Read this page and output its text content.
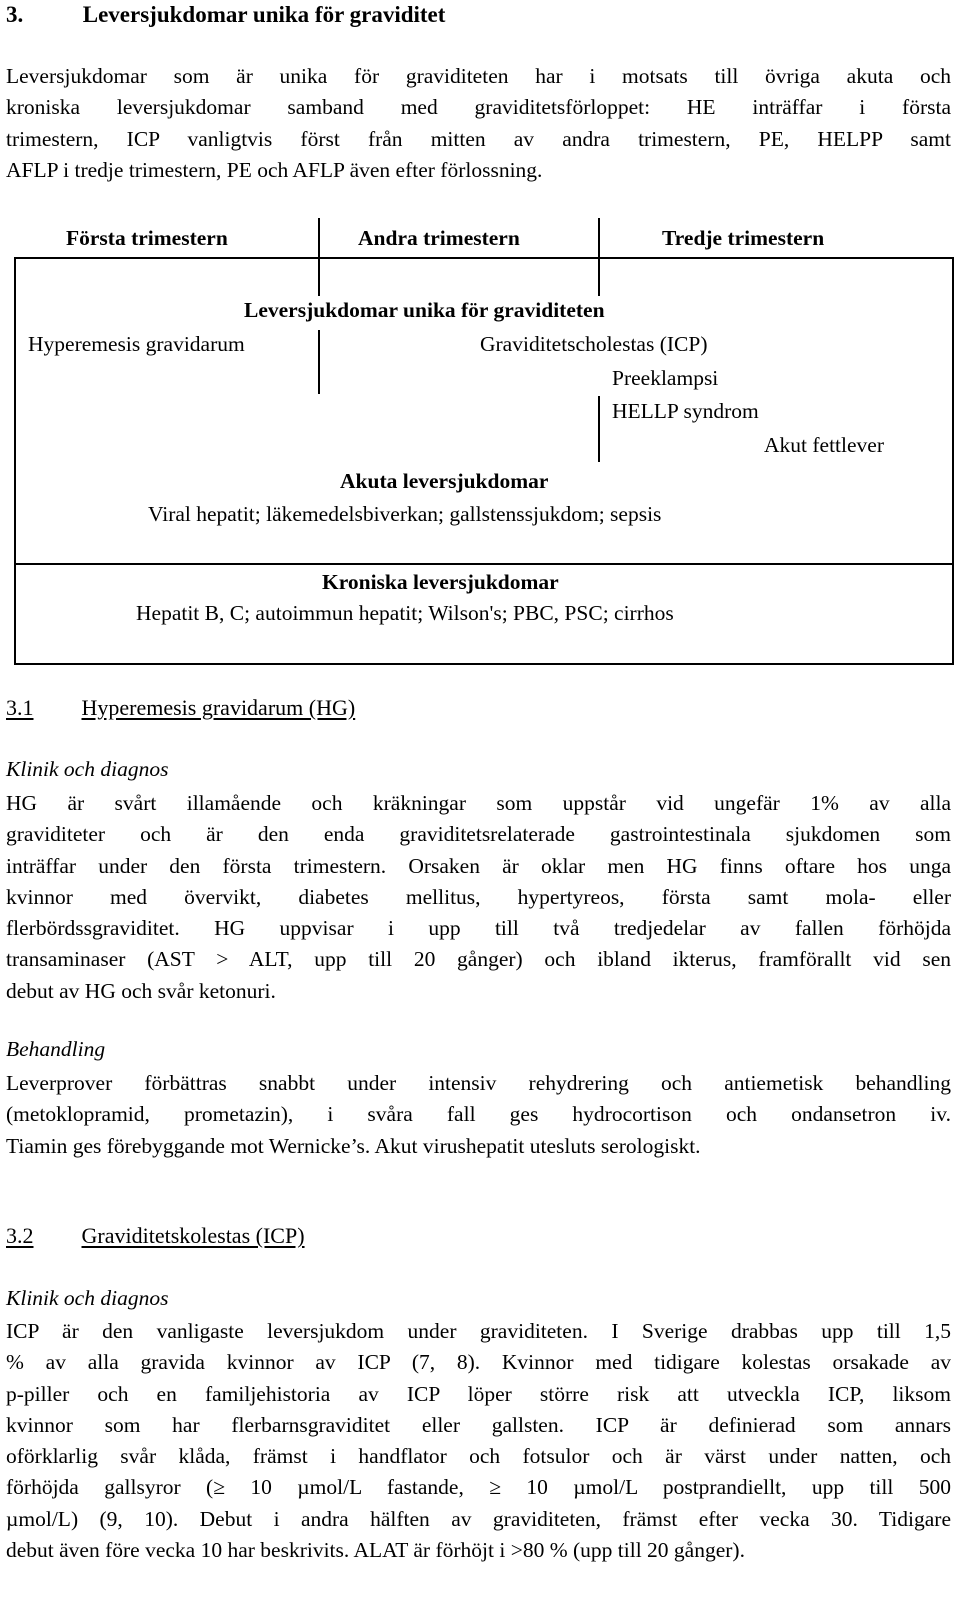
3.	Leversjukdomar unika för graviditet
Leversjukdomar som är unika för graviditeten har i motsats till övriga akuta och
kroniska leversjukdomar samband med graviditetsförloppet: HE inträffar i första
trimestern, ICP vanligtvis först från mitten av andra trimestern, PE, HELPP samt
AFLP i tredje trimestern, PE och AFLP även efter förlossning.
Första trimestern	Andra trimestern	Tredje trimestern
Leversjukdomar unika för graviditeten
Hyperemesis gravidarum	Graviditetscholestas (ICP)
Preeklampsi
HELLP syndrom
Akut fettlever
Akuta leversjukdomar
Viral hepatit; läkemedelsbiverkan; gallstenssjukdom; sepsis
Kroniska leversjukdomar
Hepatit B, C; autoimmun hepatit; Wilson's; PBC, PSC; cirrhos
3.1 Hyperemesis gravidarum (HG)
Klinik och diagnos
HG är svårt illamående och kräkningar som uppstår vid ungefär 1% av alla
graviditeter och är den enda graviditetsrelaterade gastrointestinala sjukdomen som
inträffar under den första trimestern. Orsaken är oklar men HG finns oftare hos unga
kvinnor med övervikt, diabetes mellitus, hypertyreos, första samt mola- eller
flerbördssgraviditet. HG uppvisar i upp till två tredjedelar av fallen förhöjda
transaminaser (AST > ALT, upp till 20 gånger) och ibland ikterus, framförallt vid sen
debut av HG och svår ketonuri.
Behandling
Leverprover förbättras snabbt under intensiv rehydrering och antiemetisk behandling
(metoklopramid, prometazin), i svåra fall ges hydrocortison och ondansetron iv.
Tiamin ges förebyggande mot Wernicke’s. Akut virushepatit utesluts serologiskt.
3.2 Graviditetskolestas (ICP)
Klinik och diagnos
ICP är den vanligaste leversjukdom under graviditeten. I Sverige drabbas upp till 1,5
% av alla gravida kvinnor av ICP (7, 8). Kvinnor med tidigare kolestas orsakade av
p-piller och en familjehistoria av ICP löper större risk att utveckla ICP, liksom
kvinnor som har flerbarnsgraviditet eller gallsten. ICP är definierad som annars
oförklarlig svår klåda, främst i handflator och fotsulor och är värst under natten, och
förhöjda gallsyror (≥ 10 µmol/L fastande, ≥ 10 µmol/L postprandiellt, upp till 500
µmol/L) (9, 10). Debut i andra hälften av graviditeten, främst efter vecka 30. Tidigare
debut även före vecka 10 har beskrivits. ALAT är förhöjt i >80 % (upp till 20 gånger).
